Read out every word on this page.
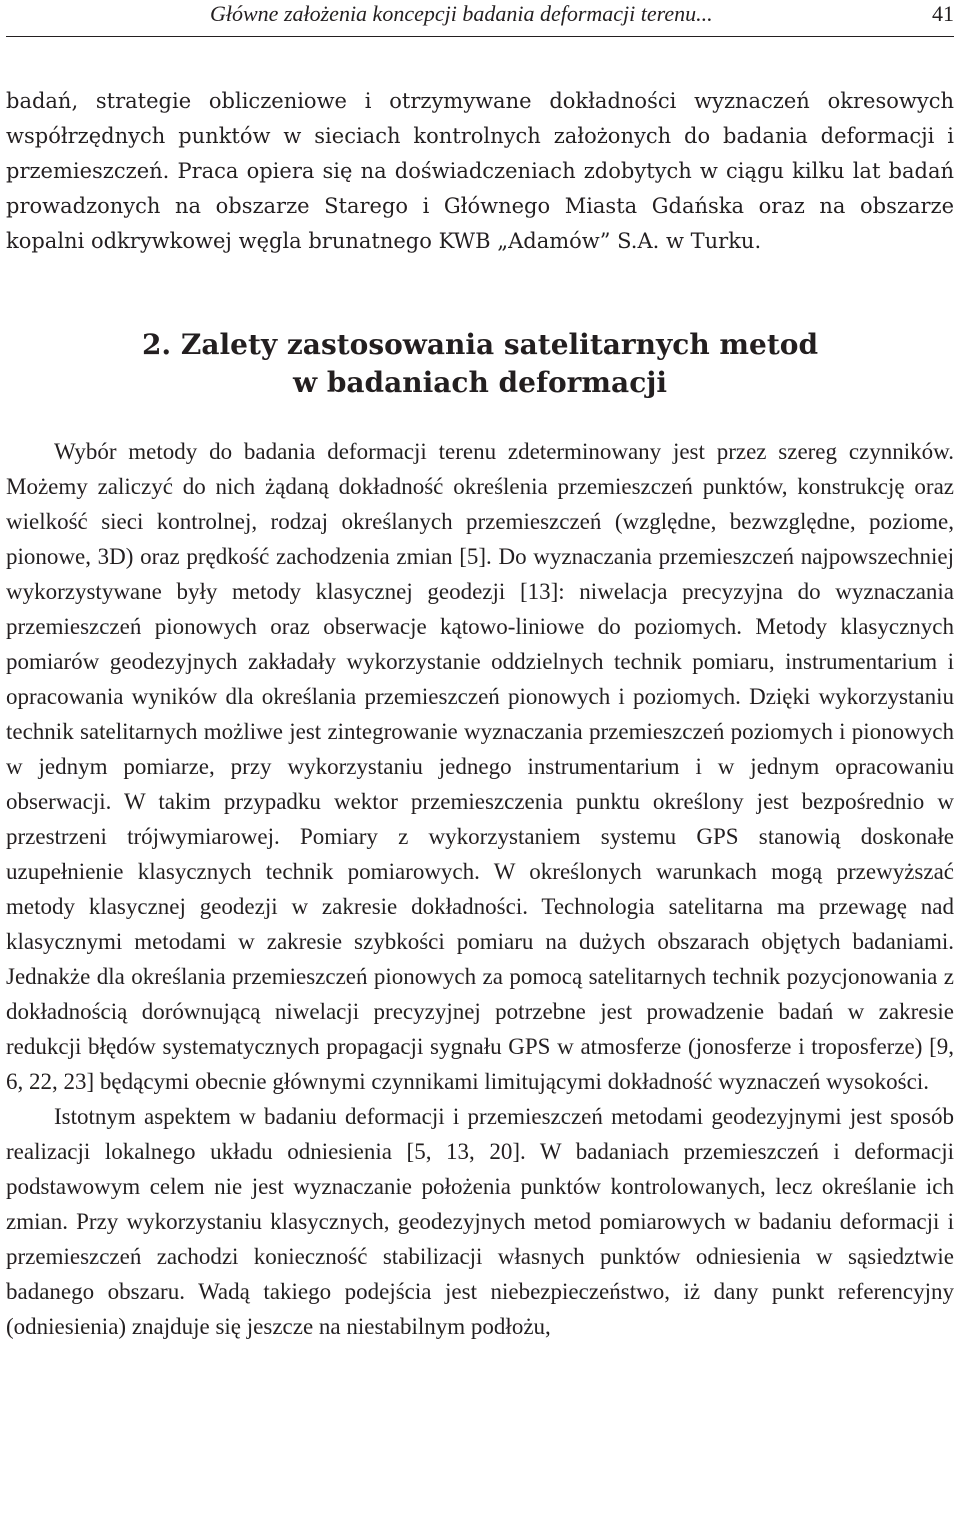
Główne założenia koncepcji badania deformacji terenu...	41

badań, strategie obliczeniowe i otrzymywane dokładności wyznaczeń okresowych współrzędnych punktów w sieciach kontrolnych założonych do badania deformacji i przemieszczeń. Praca opiera się na doświadczeniach zdobytych w ciągu kilku lat badań prowadzonych na obszarze Starego i Głównego Miasta Gdańska oraz na obszarze kopalni odkrywkowej węgla brunatnego KWB „Adamów” S.A. w Turku.

2. Zalety zastosowania satelitarnych metod
w badaniach deformacji

Wybór metody do badania deformacji terenu zdeterminowany jest przez szereg czynników. Możemy zaliczyć do nich żądaną dokładność określenia przemieszczeń punktów, konstrukcję oraz wielkość sieci kontrolnej, rodzaj określanych przemieszczeń (względne, bezwzględne, poziome, pionowe, 3D) oraz prędkość zachodzenia zmian [5]. Do wyznaczania przemieszczeń najpowszechniej wykorzystywane były metody klasycznej geodezji [13]: niwelacja precyzyjna do wyznaczania przemieszczeń pionowych oraz obserwacje kątowo-liniowe do poziomych. Metody klasycznych pomiarów geodezyjnych zakładały wykorzystanie oddzielnych technik pomiaru, instrumentarium i opracowania wyników dla określania przemieszczeń pionowych i poziomych. Dzięki wykorzystaniu technik satelitarnych możliwe jest zintegrowanie wyznaczania przemieszczeń poziomych i pionowych w jednym pomiarze, przy wykorzystaniu jednego instrumentarium i w jednym opracowaniu obserwacji. W takim przypadku wektor przemieszczenia punktu określony jest bezpośrednio w przestrzeni trójwymiarowej. Pomiary z wykorzystaniem systemu GPS stanowią doskonałe uzupełnienie klasycznych technik pomiarowych. W określonych warunkach mogą przewyższać metody klasycznej geodezji w zakresie dokładności. Technologia satelitarna ma przewagę nad klasycznymi metodami w zakresie szybkości pomiaru na dużych obszarach objętych badaniami. Jednakże dla określania przemieszczeń pionowych za pomocą satelitarnych technik pozycjonowania z dokładnością dorównującą niwelacji precyzyjnej potrzebne jest prowadzenie badań w zakresie redukcji błędów systematycznych propagacji sygnału GPS w atmosferze (jonosferze i troposferze) [9, 6, 22, 23] będącymi obecnie głównymi czynnikami limitującymi dokładność wyznaczeń wysokości.

Istotnym aspektem w badaniu deformacji i przemieszczeń metodami geodezyjnymi jest sposób realizacji lokalnego układu odniesienia [5, 13, 20]. W badaniach przemieszczeń i deformacji podstawowym celem nie jest wyznaczanie położenia punktów kontrolowanych, lecz określanie ich zmian. Przy wykorzystaniu klasycznych, geodezyjnych metod pomiarowych w badaniu deformacji i przemieszczeń zachodzi konieczność stabilizacji własnych punktów odniesienia w sąsiedztwie badanego obszaru. Wadą takiego podejścia jest niebezpieczeństwo, iż dany punkt referencyjny (odniesienia) znajduje się jeszcze na niestabilnym podłożu,
